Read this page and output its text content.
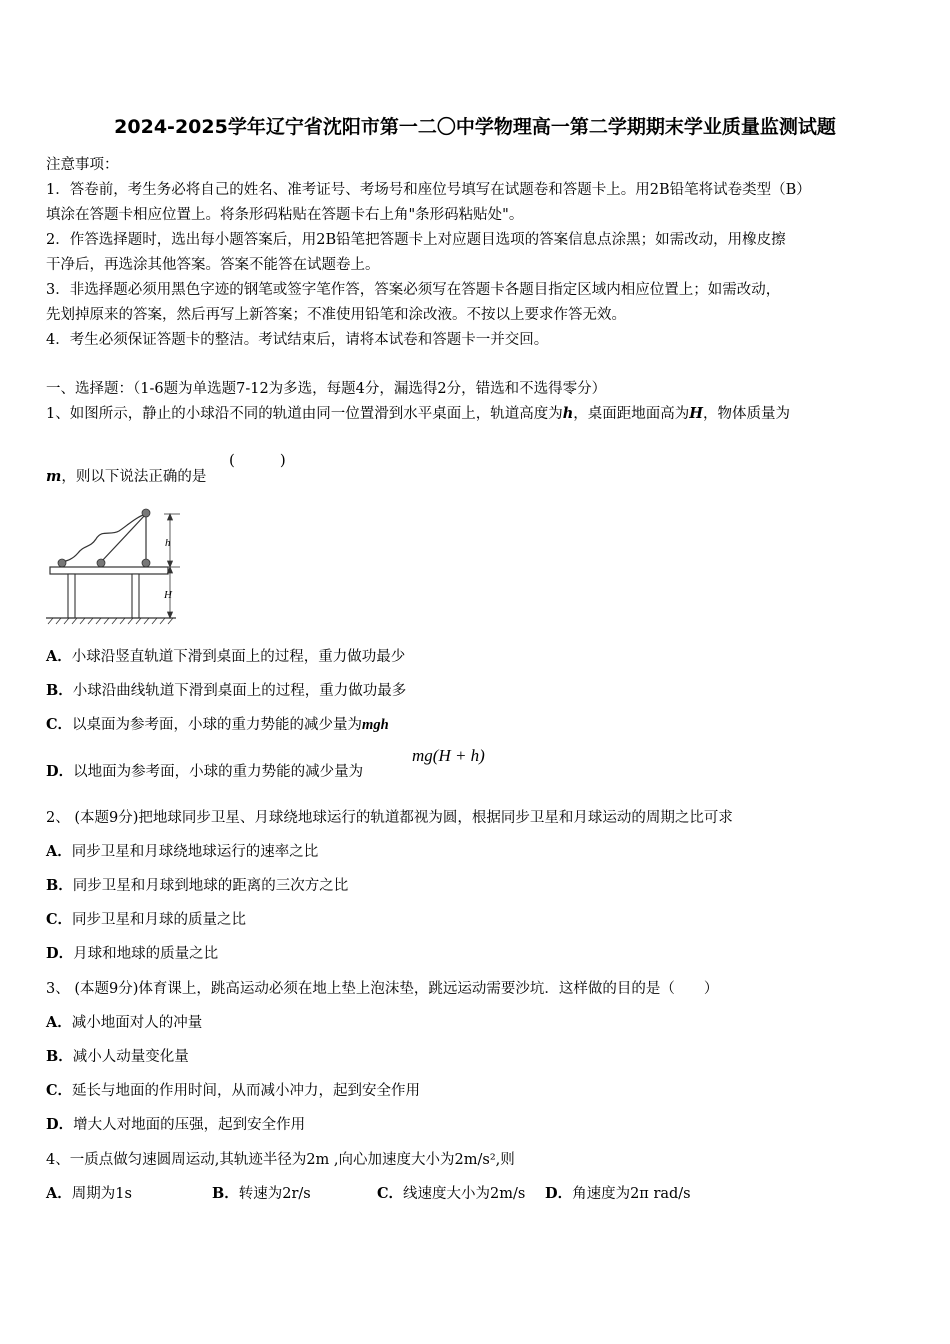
2024-2025学年辽宁省沈阳市第一二〇中学物理高一第二学期期末学业质量监测试题
注意事项：
1．答卷前，考生务必将自己的姓名、准考证号、考场号和座位号填写在试题卷和答题卡上。用2B铅笔将试卷类型（B）
填涂在答题卡相应位置上。将条形码粘贴在答题卡右上角"条形码粘贴处"。
2．作答选择题时，选出每小题答案后，用2B铅笔把答题卡上对应题目选项的答案信息点涂黑；如需改动，用橡皮擦
干净后，再选涂其他答案。答案不能答在试题卷上。
3．非选择题必须用黑色字迹的钢笔或签字笔作答，答案必须写在答题卡各题目指定区域内相应位置上；如需改动，
先划掉原来的答案，然后再写上新答案；不准使用铅笔和涂改液。不按以上要求作答无效。
4．考生必须保证答题卡的整洁。考试结束后，请将本试卷和答题卡一并交回。
一、选择题：（1-6题为单选题7-12为多选，每题4分，漏选得2分，错选和不选得零分）
1、如图所示，静止的小球沿不同的轨道由同一位置滑到水平桌面上，轨道高度为h，桌面距地面高为H，物体质量为
m，则以下说法正确的是
(　　　)
h
H
A．小球沿竖直轨道下滑到桌面上的过程，重力做功最少
B．小球沿曲线轨道下滑到桌面上的过程，重力做功最多
C．以桌面为参考面，小球的重力势能的减少量为mgh
D．以地面为参考面，小球的重力势能的减少量为
mg(H + h)
2、 (本题9分)把地球同步卫星、月球绕地球运行的轨道都视为圆，根据同步卫星和月球运动的周期之比可求
A．同步卫星和月球绕地球运行的速率之比
B．同步卫星和月球到地球的距离的三次方之比
C．同步卫星和月球的质量之比
D．月球和地球的质量之比
3、 (本题9分)体育课上，跳高运动必须在地上垫上泡沫垫，跳远运动需要沙坑．这样做的目的是（　　）
A．减小地面对人的冲量
B．减小人动量变化量
C．延长与地面的作用时间，从而减小冲力，起到安全作用
D．增大人对地面的压强，起到安全作用
4、一质点做匀速圆周运动,其轨迹半径为2m ,向心加速度大小为2m/s²,则
A．周期为1s	B．转速为2r/s	C．线速度大小为2m/s D．角速度为2π rad/s
